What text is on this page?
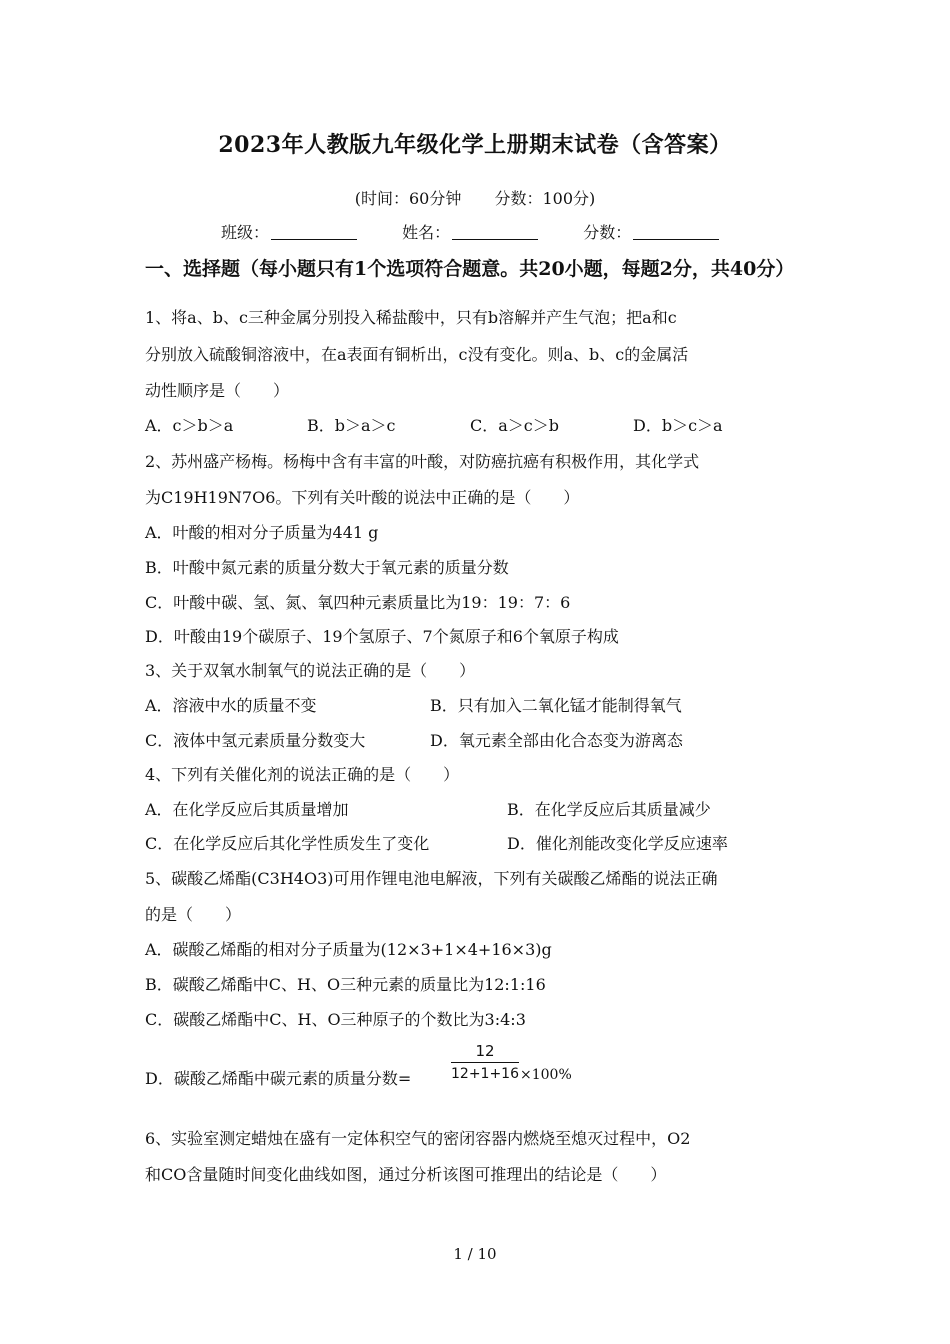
2023年人教版九年级化学上册期末试卷（含答案）
(时间：60分钟 分数：100分)
班级：	姓名：	分数：
一、选择题（每小题只有1个选项符合题意。共20小题，每题2分，共40分）
1、将a、b、c三种金属分别投入稀盐酸中，只有b溶解并产生气泡；把a和c
分别放入硫酸铜溶液中，在a表面有铜析出，c没有变化。则a、b、c的金属活
动性顺序是（　　）
A．c＞b＞a	B．b＞a＞c	C．a＞c＞b	D．b＞c＞a
2、苏州盛产杨梅。杨梅中含有丰富的叶酸，对防癌抗癌有积极作用，其化学式
为C19H19N7O6。下列有关叶酸的说法中正确的是（　　）
A．叶酸的相对分子质量为441 g
B．叶酸中氮元素的质量分数大于氧元素的质量分数
C．叶酸中碳、氢、氮、氧四种元素质量比为19：19：7：6
D．叶酸由19个碳原子、19个氢原子、7个氮原子和6个氧原子构成
3、关于双氧水制氧气的说法正确的是（　　）
A．溶液中水的质量不变	B．只有加入二氧化锰才能制得氧气
C．液体中氢元素质量分数变大	D．氧元素全部由化合态变为游离态
4、下列有关催化剂的说法正确的是（　　）
A．在化学反应后其质量增加	B．在化学反应后其质量减少
C．在化学反应后其化学性质发生了变化	D．催化剂能改变化学反应速率
5、碳酸乙烯酯(C3H4O3)可用作锂电池电解液，下列有关碳酸乙烯酯的说法正确
的是（　　）
A．碳酸乙烯酯的相对分子质量为(12×3+1×4+16×3)g
B．碳酸乙烯酯中C、H、O三种元素的质量比为12:1:16
C．碳酸乙烯酯中C、H、O三种原子的个数比为3:4:3
D．碳酸乙烯酯中碳元素的质量分数=
12
12+1+16 ×100%
6、实验室测定蜡烛在盛有一定体积空气的密闭容器内燃烧至熄灭过程中，O2
和CO含量随时间变化曲线如图，通过分析该图可推理出的结论是（　　）
1 / 10
